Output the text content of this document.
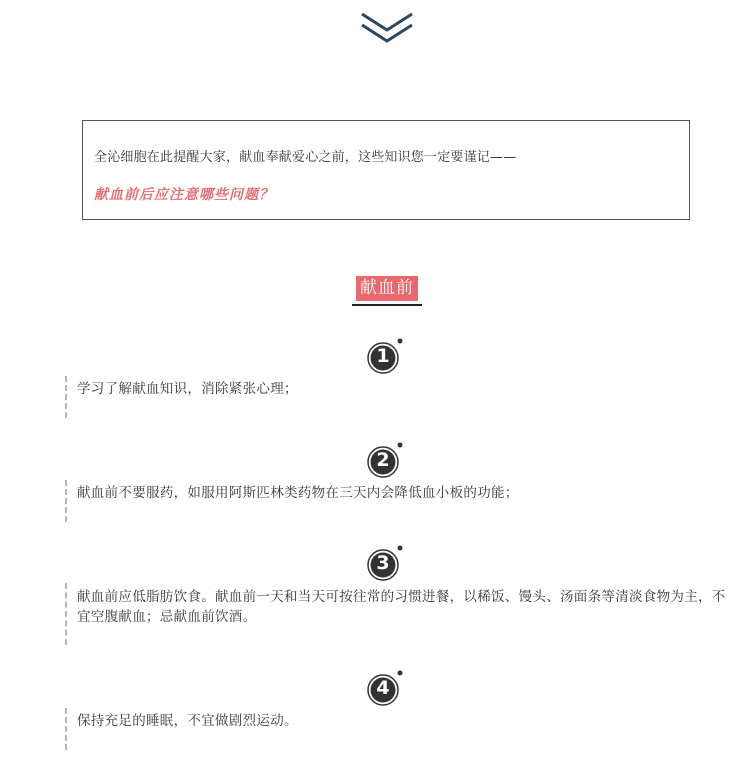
全沁细胞在此提醒大家，献血奉献爱心之前，这些知识您一定要谨记——
献血前后应注意哪些问题？
献血前
1
学习了解献血知识，消除紧张心理；
2
献血前不要服药，如服用阿斯匹林类药物在三天内会降低血小板的功能；
3
献血前应低脂肪饮食。献血前一天和当天可按往常的习惯进餐，以稀饭、馒头、汤面条等清淡食物为主，不宜空腹献血；忌献血前饮酒。
4
保持充足的睡眠，不宜做剧烈运动。
